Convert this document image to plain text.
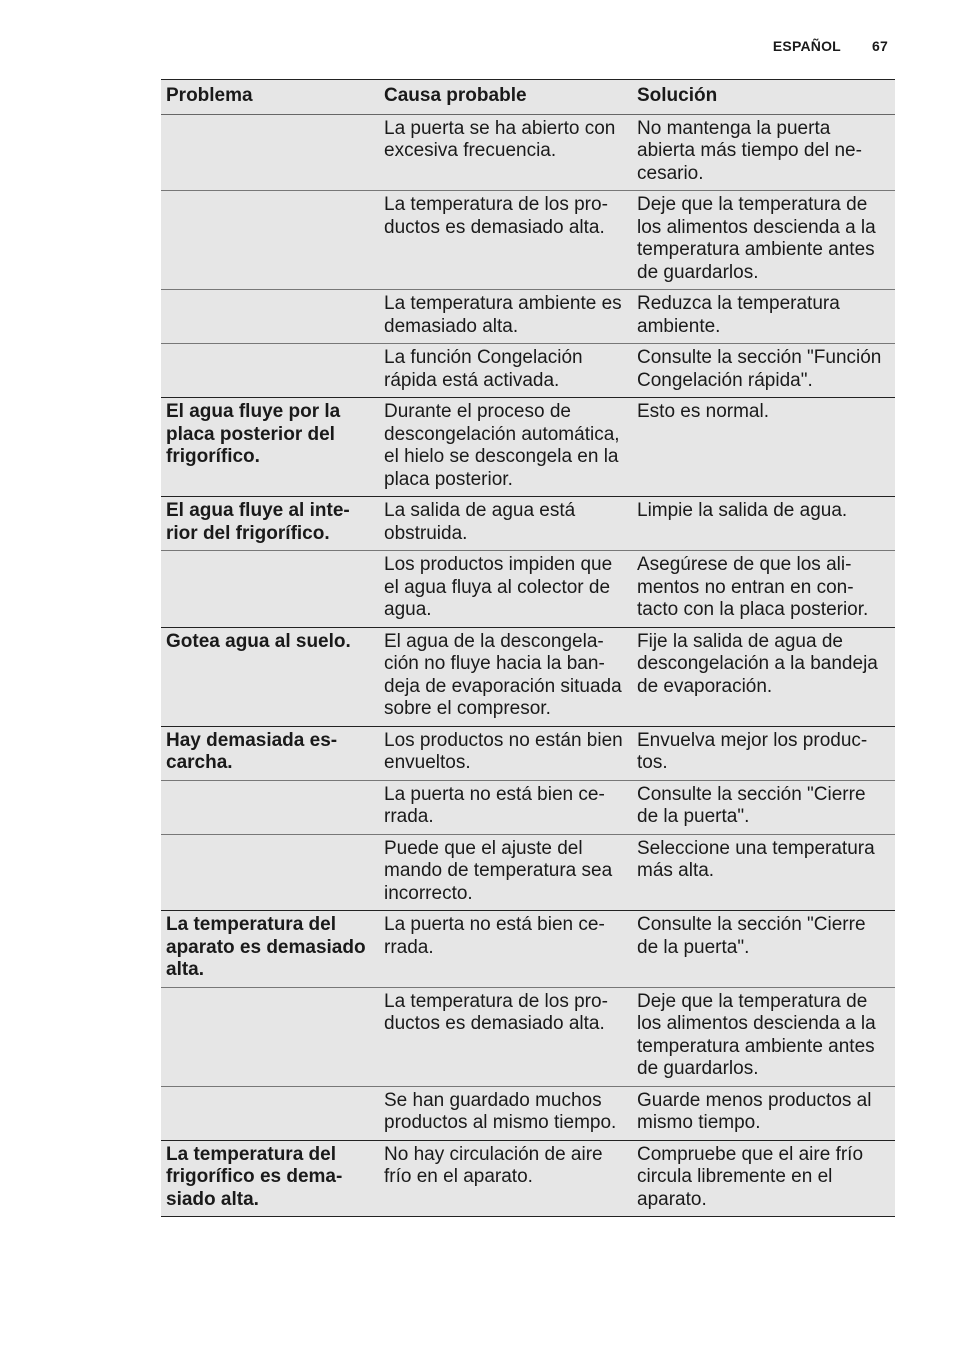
ESPAÑOL 67
Problema	Causa probable	Solución
	La puerta se ha abierto con excesiva frecuencia.	No mantenga la puerta abierta más tiempo del necesario.
	La temperatura de los productos es demasiado alta.	Deje que la temperatura de los alimentos descienda a la temperatura ambiente antes de guardarlos.
	La temperatura ambiente es demasiado alta.	Reduzca la temperatura ambiente.
	La función Congelación rápida está activada.	Consulte la sección "Función Congelación rápida".
El agua fluye por la placa posterior del frigorífico.	Durante el proceso de descongelación automática, el hielo se descongela en la placa posterior.	Esto es normal.
El agua fluye al interior del frigorífico.	La salida de agua está obstruida.	Limpie la salida de agua.
	Los productos impiden que el agua fluya al colector de agua.	Asegúrese de que los alimentos no entran en contacto con la placa posterior.
Gotea agua al suelo.	El agua de la descongelación no fluye hacia la bandeja de evaporación situada sobre el compresor.	Fije la salida de agua de descongelación a la bandeja de evaporación.
Hay demasiada escarcha.	Los productos no están bien envueltos.	Envuelva mejor los productos.
	La puerta no está bien cerrada.	Consulte la sección "Cierre de la puerta".
	Puede que el ajuste del mando de temperatura sea incorrecto.	Seleccione una temperatura más alta.
La temperatura del aparato es demasiado alta.	La puerta no está bien cerrada.	Consulte la sección "Cierre de la puerta".
	La temperatura de los productos es demasiado alta.	Deje que la temperatura de los alimentos descienda a la temperatura ambiente antes de guardarlos.
	Se han guardado muchos productos al mismo tiempo.	Guarde menos productos al mismo tiempo.
La temperatura del frigorífico es demasiado alta.	No hay circulación de aire frío en el aparato.	Compruebe que el aire frío circula libremente en el aparato.
